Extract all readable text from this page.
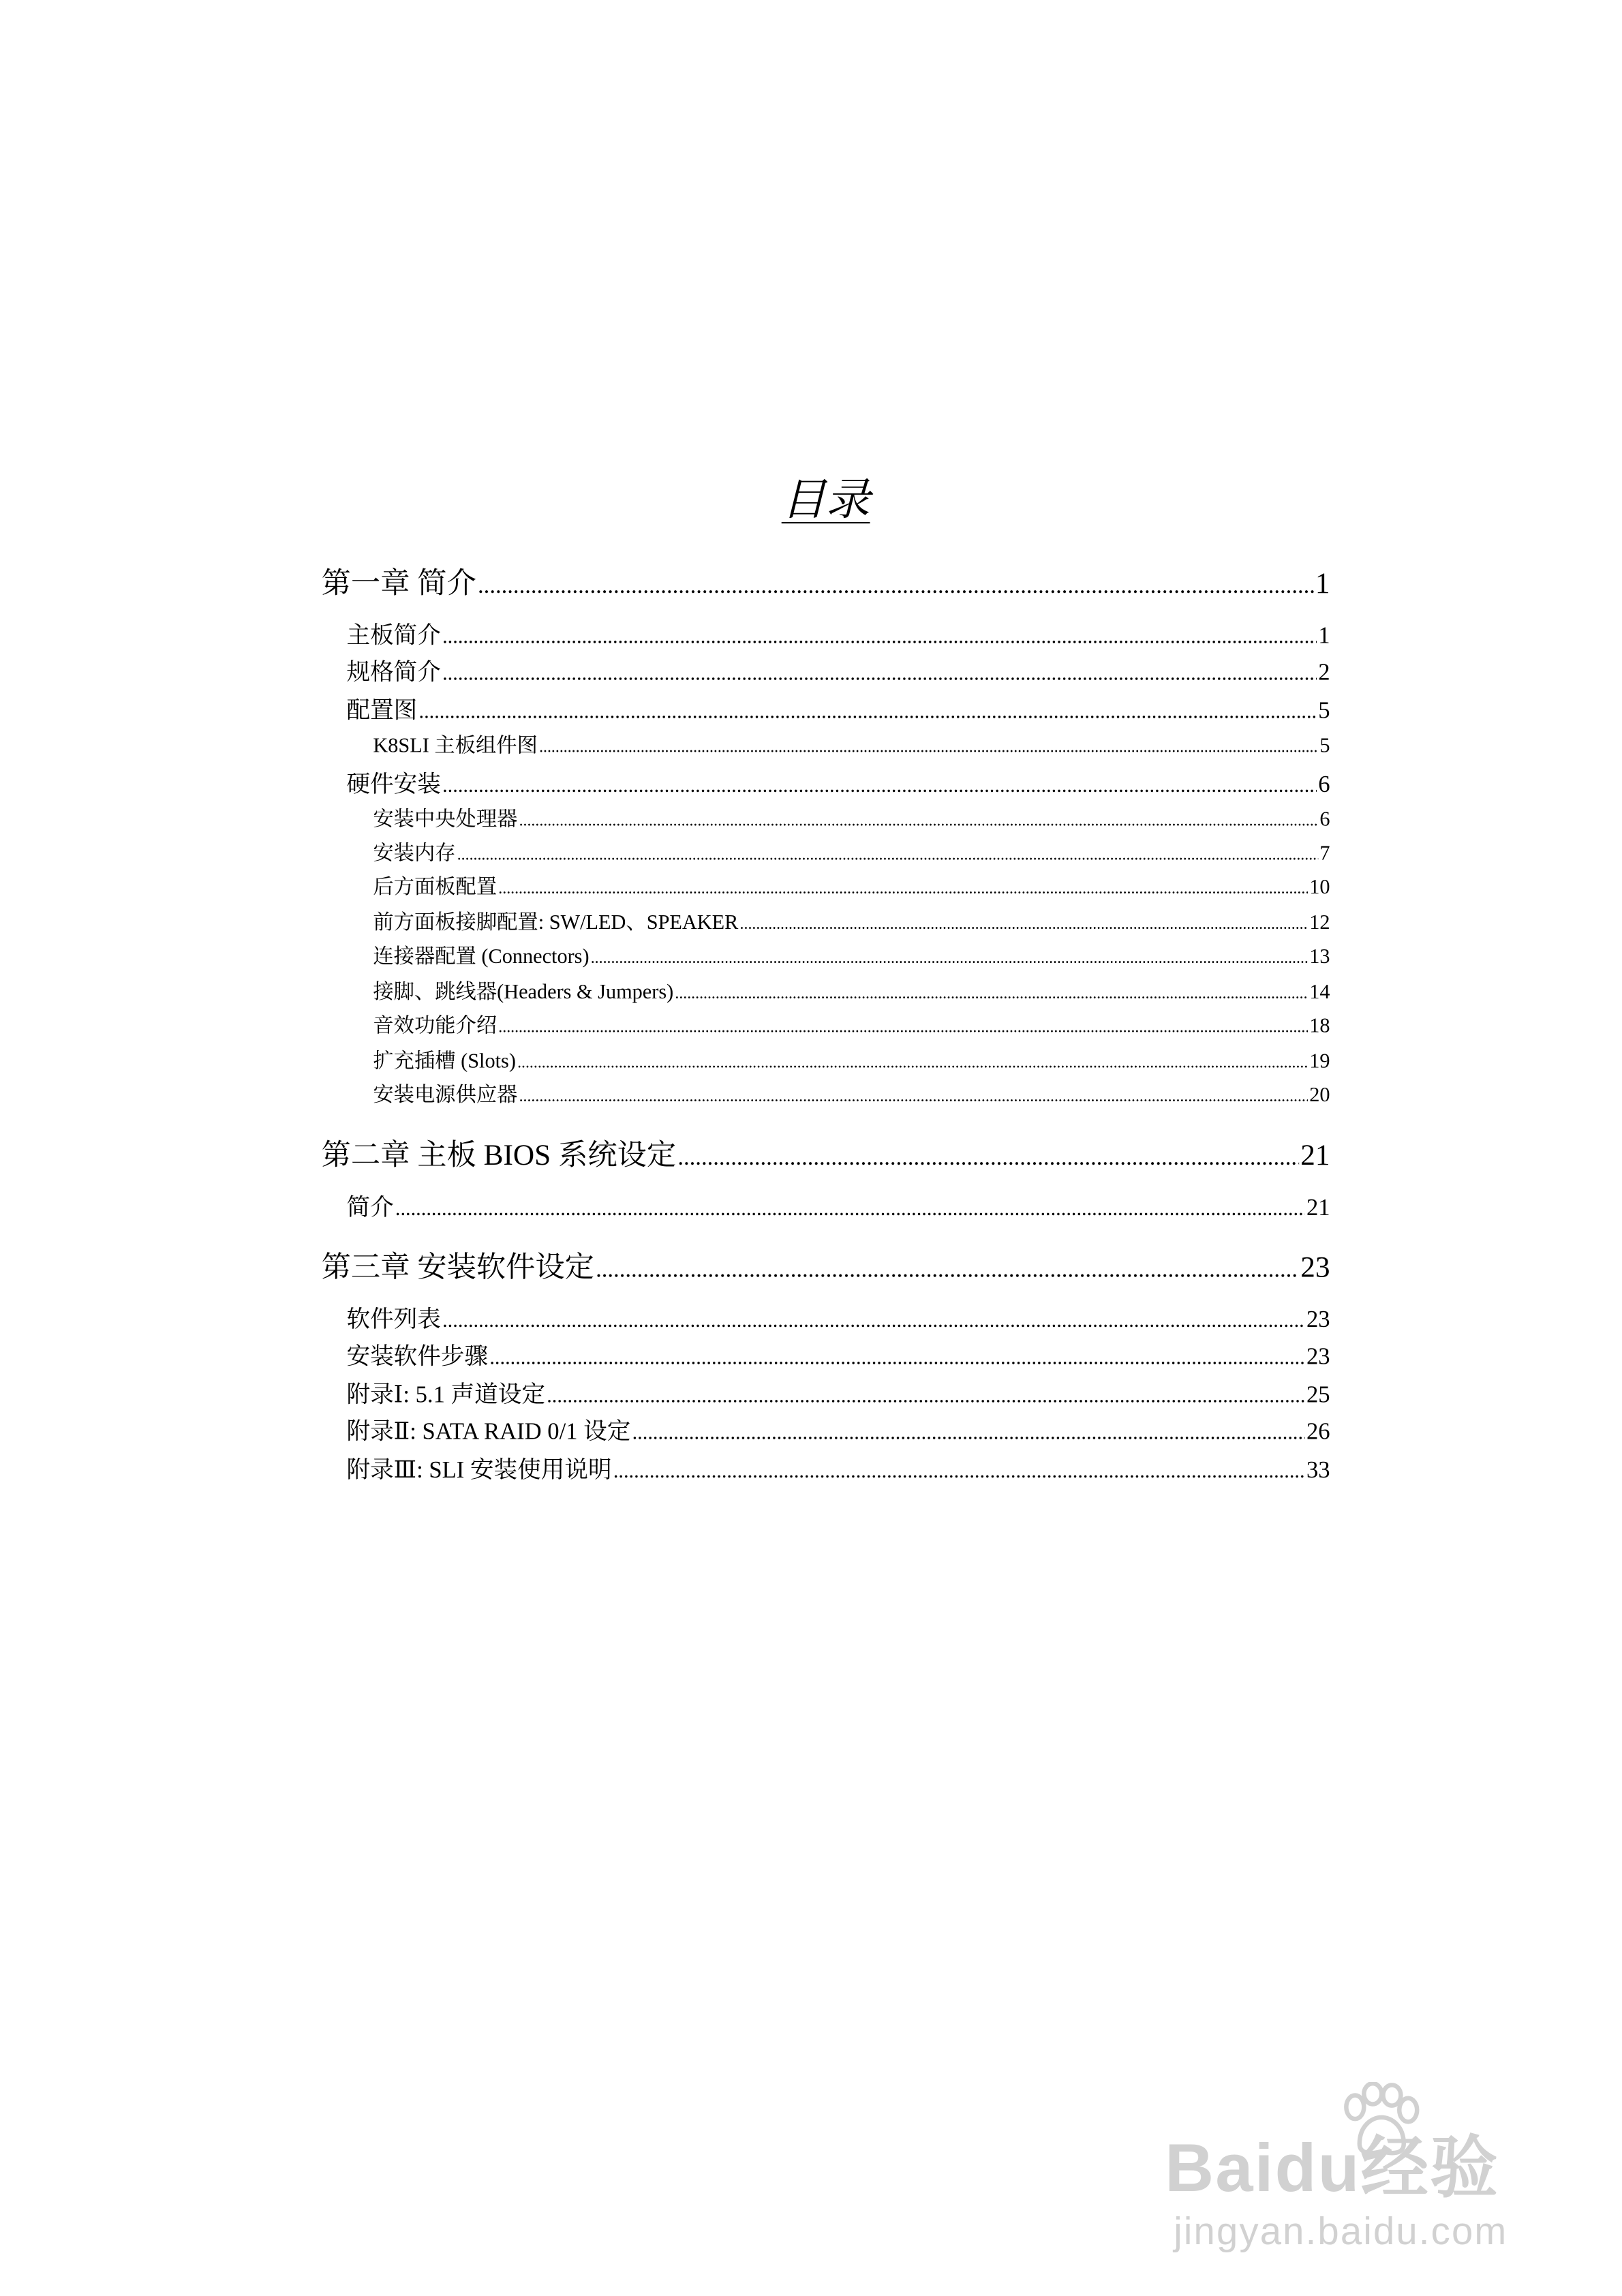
目录
第一章 简介 .....	1
主板简介 .....	1
规格简介 .....	2
配置图 .....	5
K8SLI 主板组件图 .....	5
硬件安装 .....	6
安装中央处理器 .....	6
安装内存 .....	7
后方面板配置 .....	10
前方面板接脚配置: SW/LED、SPEAKER .....	12
连接器配置 (Connectors) .....	13
接脚、跳线器(Headers & Jumpers) .....	14
音效功能介绍 .....	18
扩充插槽 (Slots) .....	19
安装电源供应器 .....	20
第二章 主板 BIOS 系统设定 .....	21
简介 .....	21
第三章 安装软件设定 .....	23
软件列表 .....	23
安装软件步骤 .....	23
附录Ⅰ: 5.1 声道设定 .....	25
附录Ⅱ: SATA RAID 0/1 设定 .....	26
附录Ⅲ: SLI 安装使用说明 .....	33
Baidu经验
jingyan.baidu.com
